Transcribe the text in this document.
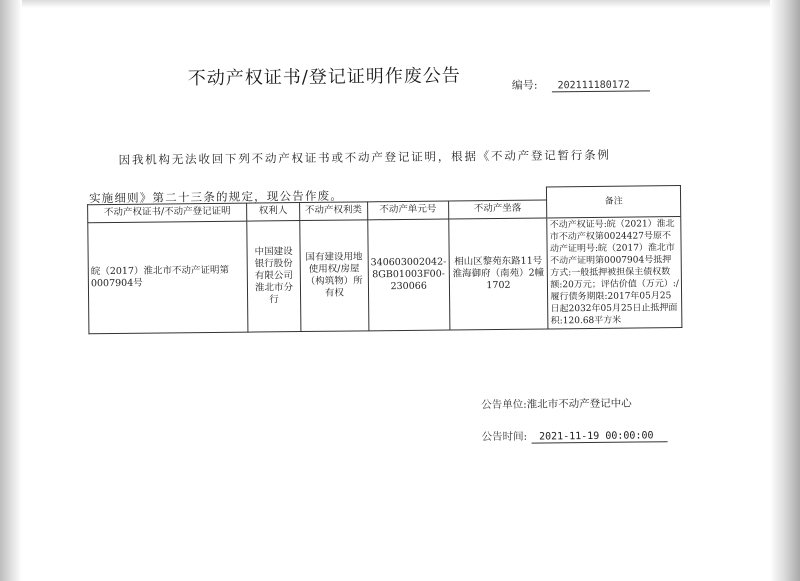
不动产权证书/登记证明作废公告	编号: 202111180172
因我机构无法收回下列不动产权证书或不动产登记证明，根据《不动产登记暂行条例
实施细则》第二十三条的规定，现公告作废。
					备注
不动产权证书/不动产登记证明	权利人	不动产权利类	不动产单元号	不动产坐落	
皖（2017）淮北市不动产证明第0007904号	中国建设银行股份有限公司淮北市分行	国有建设用地使用权/房屋（构筑物）所有权	340603002042-8GB01003F00-230066	相山区黎苑东路11号淮海御府（南苑）2幢1702	不动产权证号:皖（2021）淮北市不动产权第0024427号原不动产证明号:皖（2017）淮北市不动产证明第0007904号抵押方式:一般抵押被担保主债权数额:20万元；评估价值（万元）:/履行债务期限:2017年05月25日起2032年05月25日止抵押面积:120.68平方米
公告单位:淮北市不动产登记中心
公告时间: 2021-11-19 00:00:00
